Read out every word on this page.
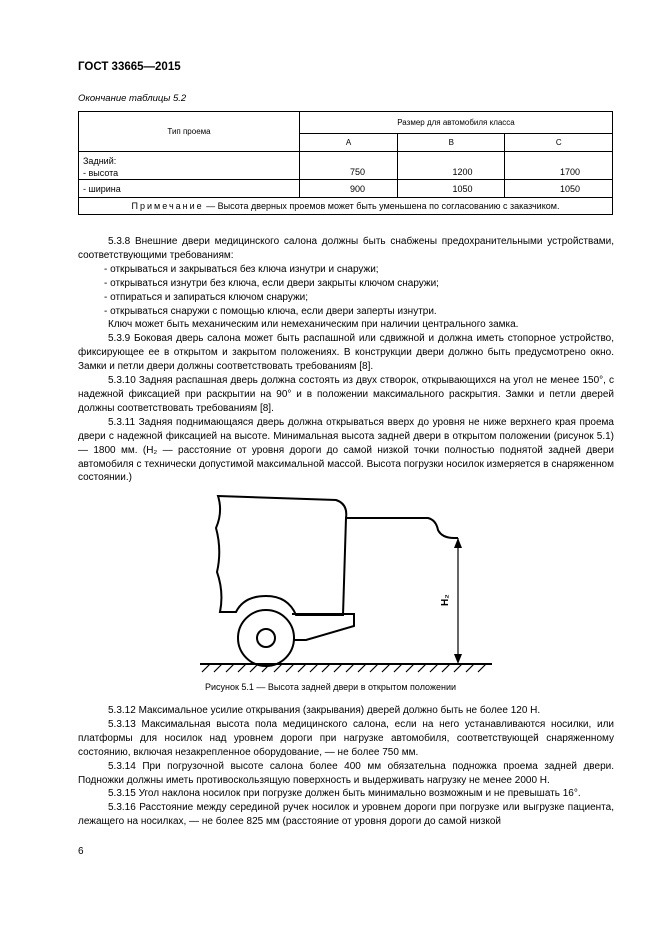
ГОСТ 33665—2015
Окончание таблицы 5.2
Тип проема	Размер для автомобиля класса		
	A	B	C

Задний:
- высота	750	1200	1700
- ширина	900	1050	1050
Примечание — Высота дверных проемов может быть уменьшена по согласованию с заказчиком.			

5.3.8 Внешние двери медицинского салона должны быть снабжены предохранительными устройствами, соответствующими требованиям:

- открываться и закрываться без ключа изнутри и снаружи;

- открываться изнутри без ключа, если двери закрыты ключом снаружи;

- отпираться и запираться ключом снаружи;

- открываться снаружи с помощью ключа, если двери заперты изнутри.

Ключ может быть механическим или немеханическим при наличии центрального замка.

5.3.9 Боковая дверь салона может быть распашной или сдвижной и должна иметь стопорное устройство, фиксирующее ее в открытом и закрытом положениях. В конструкции двери должно быть предусмотрено окно. Замки и петли двери должны соответствовать требованиям [8].

5.3.10 Задняя распашная дверь должна состоять из двух створок, открывающихся на угол не менее 150°, с надежной фиксацией при раскрытии на 90° и в положении максимального раскрытия. Замки и петли дверей должны соответствовать требованиям [8].

5.3.11 Задняя поднимающаяся дверь должна открываться вверх до уровня не ниже верхнего края проема двери с надежной фиксацией на высоте. Минимальная высота задней двери в открытом положении (рисунок 5.1) — 1800 мм. (H₂ — расстояние от уровня дороги до самой низкой точки полностью поднятой задней двери автомобиля с технически допустимой максимальной массой. Высота погрузки носилок измеряется в снаряженном состоянии.)

H₂
Рисунок 5.1 — Высота задней двери в открытом положении

5.3.12 Максимальное усилие открывания (закрывания) дверей должно быть не более 120 Н.

5.3.13 Максимальная высота пола медицинского салона, если на него устанавливаются носилки, или платформы для носилок над уровнем дороги при нагрузке автомобиля, соответствующей снаряженному состоянию, включая незакрепленное оборудование, — не более 750 мм.

5.3.14 При погрузочной высоте салона более 400 мм обязательна подножка проема задней двери. Подножки должны иметь противоскользящую поверхность и выдерживать нагрузку не менее 2000 Н.

5.3.15 Угол наклона носилок при погрузке должен быть минимально возможным и не превышать 16°.

5.3.16 Расстояние между серединой ручек носилок и уровнем дороги при погрузке или выгрузке пациента, лежащего на носилках, — не более 825 мм (расстояние от уровня дороги до самой низкой

6
